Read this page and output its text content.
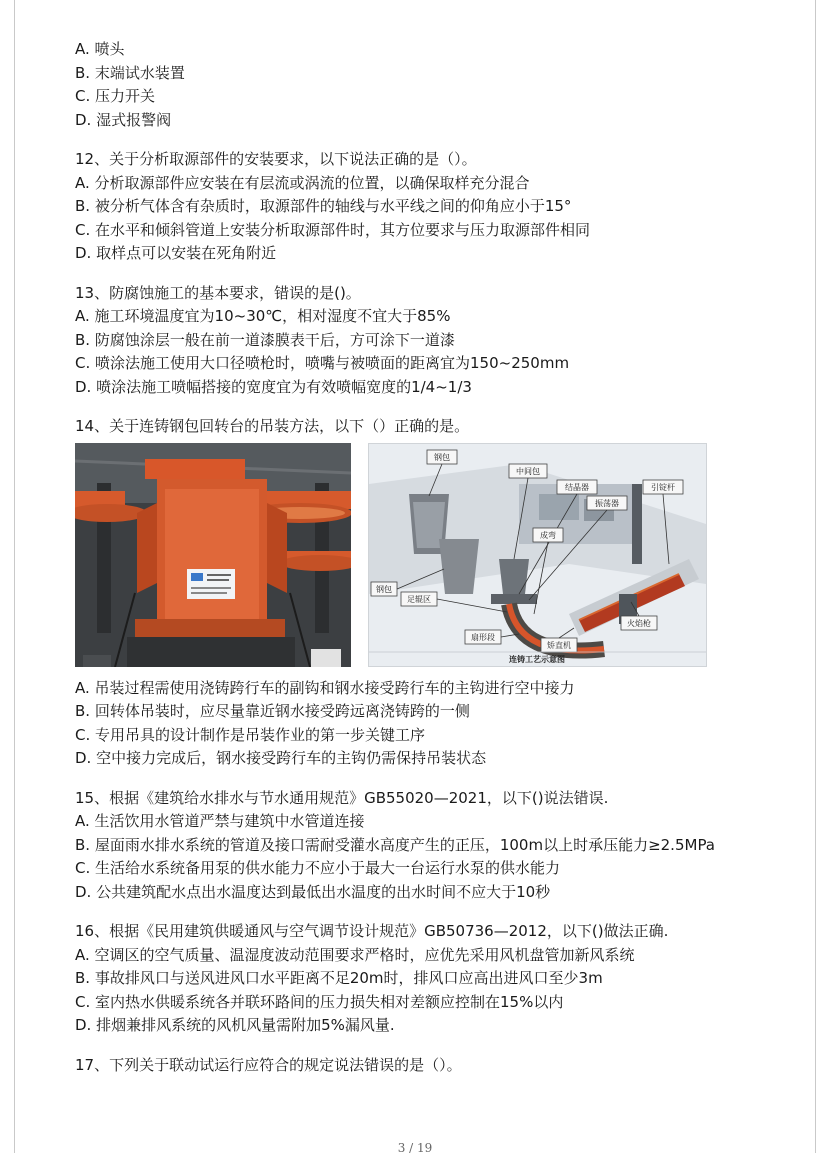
A. 喷头
B. 末端试水装置
C. 压力开关
D. 湿式报警阀
12、关于分析取源部件的安装要求，以下说法正确的是（）。
A. 分析取源部件应安装在有层流或涡流的位置，以确保取样充分混合
B. 被分析气体含有杂质时，取源部件的轴线与水平线之间的仰角应小于15°
C. 在水平和倾斜管道上安装分析取源部件时，其方位要求与压力取源部件相同
D. 取样点可以安装在死角附近
13、防腐蚀施工的基本要求，错误的是()。
A. 施工环境温度宜为10~30℃，相对湿度不宜大于85%
B. 防腐蚀涂层一般在前一道漆膜表干后，方可涂下一道漆
C. 喷涂法施工使用大口径喷枪时，喷嘴与被喷面的距离宜为150~250mm
D. 喷涂法施工喷幅搭接的宽度宜为有效喷幅宽度的1/4~1/3
14、关于连铸钢包回转台的吊装方法，以下（）正确的是。
钢包
中间包
结晶器
振荡器
引锭杆
成弯
钢包
足辊区
扇形段
矫直机
火焰枪
连铸工艺示意图
A. 吊装过程需使用浇铸跨行车的副钩和钢水接受跨行车的主钩进行空中接力
B. 回转体吊装时，应尽量靠近钢水接受跨远离浇铸跨的一侧
C. 专用吊具的设计制作是吊装作业的第一步关键工序
D. 空中接力完成后，钢水接受跨行车的主钩仍需保持吊装状态
15、根据《建筑给水排水与节水通用规范》GB55020—2021，以下()说法错误.
A. 生活饮用水管道严禁与建筑中水管道连接
B. 屋面雨水排水系统的管道及接口需耐受灌水高度产生的正压，100m以上时承压能力≥2.5MPa
C. 生活给水系统备用泵的供水能力不应小于最大一台运行水泵的供水能力
D. 公共建筑配水点出水温度达到最低出水温度的出水时间不应大于10秒
16、根据《民用建筑供暖通风与空气调节设计规范》GB50736—2012，以下()做法正确.
A. 空调区的空气质量、温湿度波动范围要求严格时，应优先采用风机盘管加新风系统
B. 事故排风口与送风进风口水平距离不足20m时，排风口应高出进风口至少3m
C. 室内热水供暖系统各并联环路间的压力损失相对差额应控制在15%以内
D. 排烟兼排风系统的风机风量需附加5%漏风量.
17、下列关于联动试运行应符合的规定说法错误的是（）。
3 / 19
